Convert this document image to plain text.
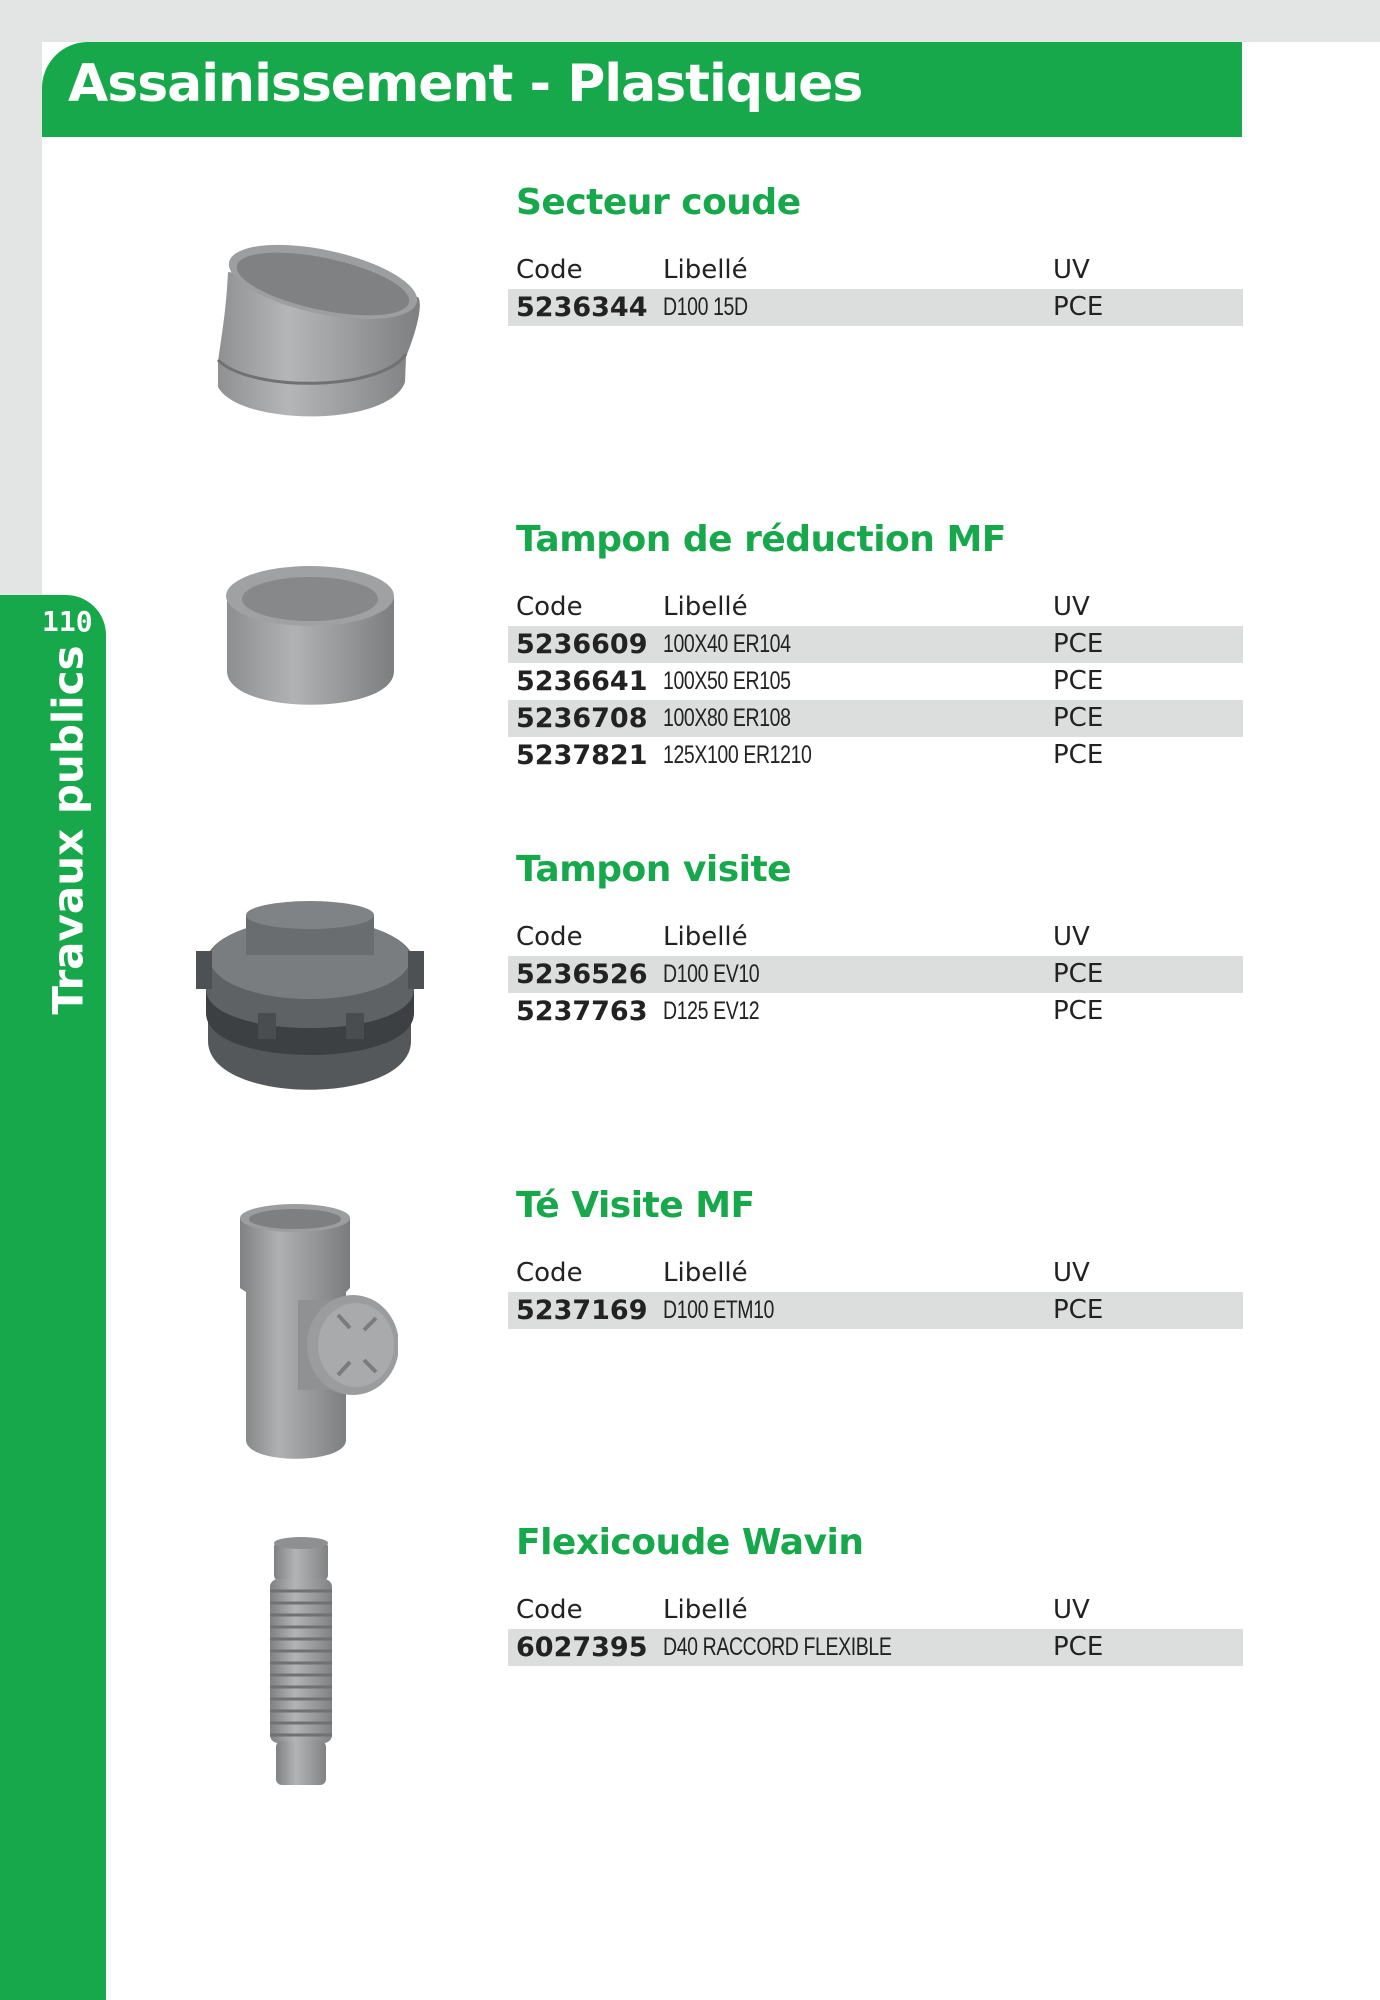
Assainissement - Plastiques
110
Travaux publics
Secteur coude
Code	Libellé	UV
5236344 D100 15D	PCE
Tampon de réduction MF
Code	Libellé	UV
5236609 100X40 ER104	PCE
5236641 100X50 ER105	PCE
5236708 100X80 ER108	PCE
5237821 125X100 ER1210	PCE
Tampon visite
Code	Libellé	UV
5236526 D100 EV10	PCE
5237763 D125 EV12	PCE
Té Visite MF
Code	Libellé	UV
5237169 D100 ETM10	PCE
Flexicoude Wavin
Code	Libellé	UV
6027395 D40 RACCORD FLEXIBLE	PCE
